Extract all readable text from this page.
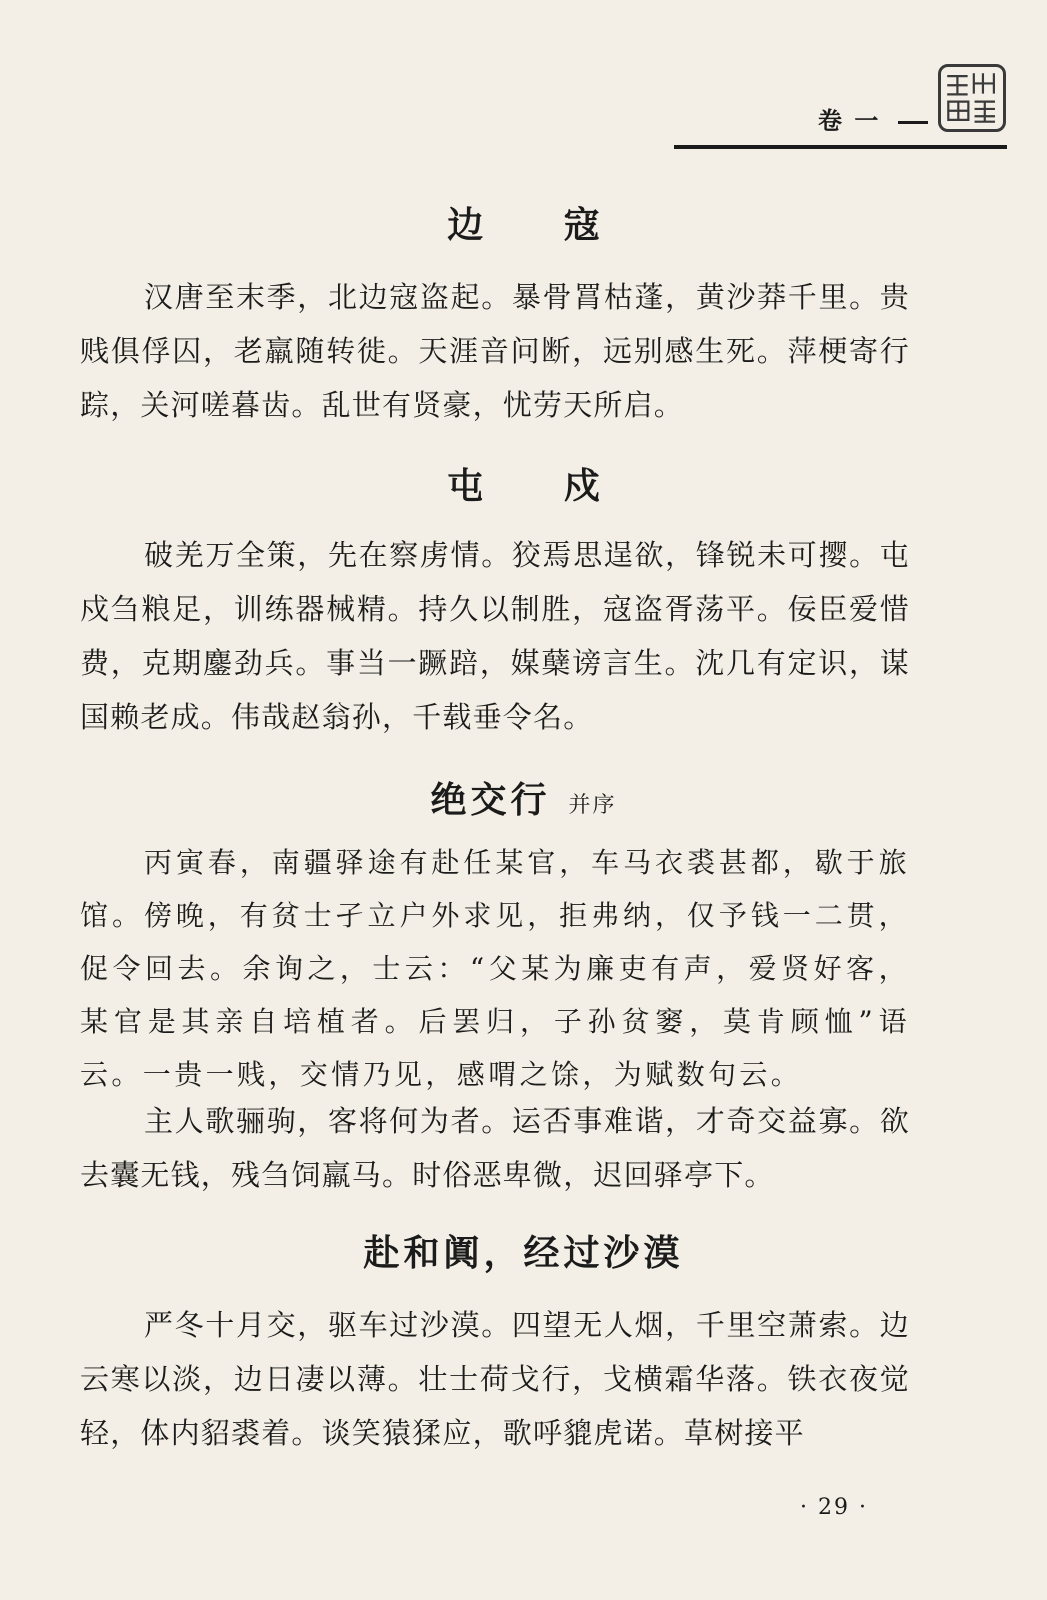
卷 一
边 寇
汉唐至末季，北边寇盗起。暴骨罥枯蓬，黄沙莽千里。贵贱俱俘囚，老羸随转徙。天涯音问断，远别感生死。萍梗寄行踪，关河嗟暮齿。乱世有贤豪，忧劳天所启。
屯 戍
破羌万全策，先在察虏情。狡焉思逞欲，锋锐未可撄。屯戍刍粮足，训练器械精。持久以制胜，寇盗胥荡平。佞臣爱惜费，克期鏖劲兵。事当一蹶踣，媒蘖谤言生。沈几有定识，谋国赖老成。伟哉赵翁孙，千载垂令名。
绝交行 并序
丙寅春，南疆驿途有赴任某官，车马衣裘甚都，歇于旅馆。傍晚，有贫士孑立户外求见，拒弗纳，仅予钱一二贯，促令回去。余询之，士云：“父某为廉吏有声，爱贤好客，某官是其亲自培植者。后罢归，子孙贫窭，莫肯顾恤”语云。一贵一贱，交情乃见，感喟之馀，为赋数句云。
主人歌骊驹，客将何为者。运否事难谐，才奇交益寡。欲去囊无钱，残刍饲羸马。时俗恶卑微，迟回驿亭下。
赴和阗，经过沙漠
严冬十月交，驱车过沙漠。四望无人烟，千里空萧索。边云寒以淡，边日凄以薄。壮士荷戈行，戈横霜华落。铁衣夜觉轻，体内貂裘着。谈笑猿猱应，歌呼貔虎诺。草树接平
· 29 ·
